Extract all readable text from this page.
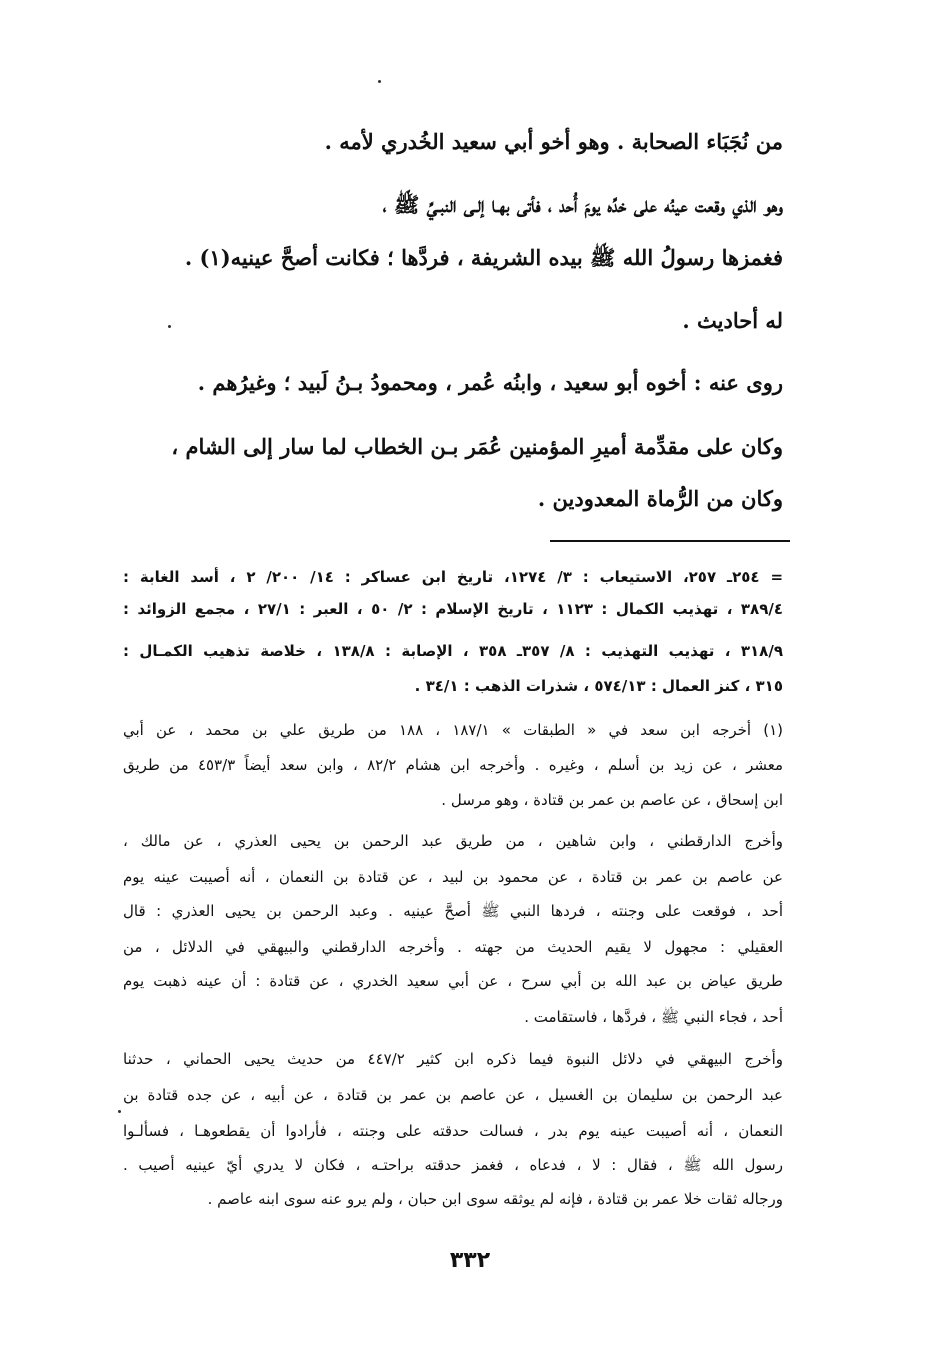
من نُجَبَاء الصحابة . وهو أخو أبي سعيد الخُدري لأمه .
وهو الذي وقعت عينُه على خدِّه يومَ أُحد ، فأتى بهـا إلـى النبـيِّ ﷺ ،
فغمزها رسولُ الله ﷺ بيده الشريفة ، فردَّها ؛ فكانت أصحَّ عينيه(١) .
له أحاديث .
روى عنه : أخوه أبو سعيد ، وابنُه عُمر ، ومحمودُ بـنُ لَبيد ؛ وغيرُهم .
وكان على مقدِّمة أميرِ المؤمنين عُمَر بـن الخطاب لما سار إلى الشام ،
وكان من الرُّماة المعدودين .
= ٢٥٤ـ ٢٥٧، الاستيعاب : ٣/ ١٢٧٤، تاريخ ابن عساكر : ١٤/ ٢٠٠/ ٢ ، أسد الغابة :
٣٨٩/٤ ، تهذيب الكمال : ١١٢٣ ، تاريخ الإسلام : ٢/ ٥٠ ، العبر : ٢٧/١ ، مجمع الزوائد :
٣١٨/٩ ، تهذيب التهذيب : ٨/ ٣٥٧ـ ٣٥٨ ، الإصابة : ١٣٨/٨ ، خلاصة تذهيب الكمـال :
٣١٥ ، كنز العمال : ٥٧٤/١٣ ، شذرات الذهب : ٣٤/١ .
(١) أخرجه ابن سعد في « الطبقات » ١٨٧/١ ، ١٨٨ من طريق علي بن محمد ، عن أبي
معشر ، عن زيد بن أسلم ، وغيره . وأخرجه ابن هشام ٨٢/٢ ، وابن سعد أيضاً ٤٥٣/٣ من طريق
ابن إسحاق ، عن عاصم بن عمر بن قتادة ، وهو مرسل .
وأخرج الدارقطني ، وابن شاهين ، من طريق عبد الرحمن بن يحيى العذري ، عن مالك ،
عن عاصم بن عمر بن قتادة ، عن محمود بن لبيد ، عن قتادة بن النعمان ، أنه أصيبت عينه يوم
أحد ، فوقعت على وجنته ، فردها النبي ﷺ أصحَّ عينيه . وعبد الرحمن بن يحيى العذري : قال
العقيلي : مجهول لا يقيم الحديث من جهته . وأخرجه الدارقطني والبيهقي في الدلائل ، من
طريق عياض بن عبد الله بن أبي سرح ، عن أبي سعيد الخدري ، عن قتادة : أن عينه ذهبت يوم
أحد ، فجاء النبي ﷺ ، فردَّها ، فاستقامت .
وأخرج البيهقي في دلائل النبوة فيما ذكره ابن كثير ٤٤٧/٢ من حديث يحيى الحماني ، حدثنا
عبد الرحمن بن سليمان بن الغسيل ، عن عاصم بن عمر بن قتادة ، عن أبيه ، عن جده قتادة بن
النعمان ، أنه أصيبت عينه يوم بدر ، فسالت حدقته على وجنته ، فأرادوا أن يقطعوهـا ، فسألـوا
رسول الله ﷺ ، فقال : لا ، فدعاه ، فغمز حدقته براحتـه ، فكان لا يدري أيّ عينيه أصيب .
ورجاله ثقات خلا عمر بن قتادة ، فإنه لم يوثقه سوى ابن حبان ، ولم يرو عنه سوى ابنه عاصم .
٣٣٢
